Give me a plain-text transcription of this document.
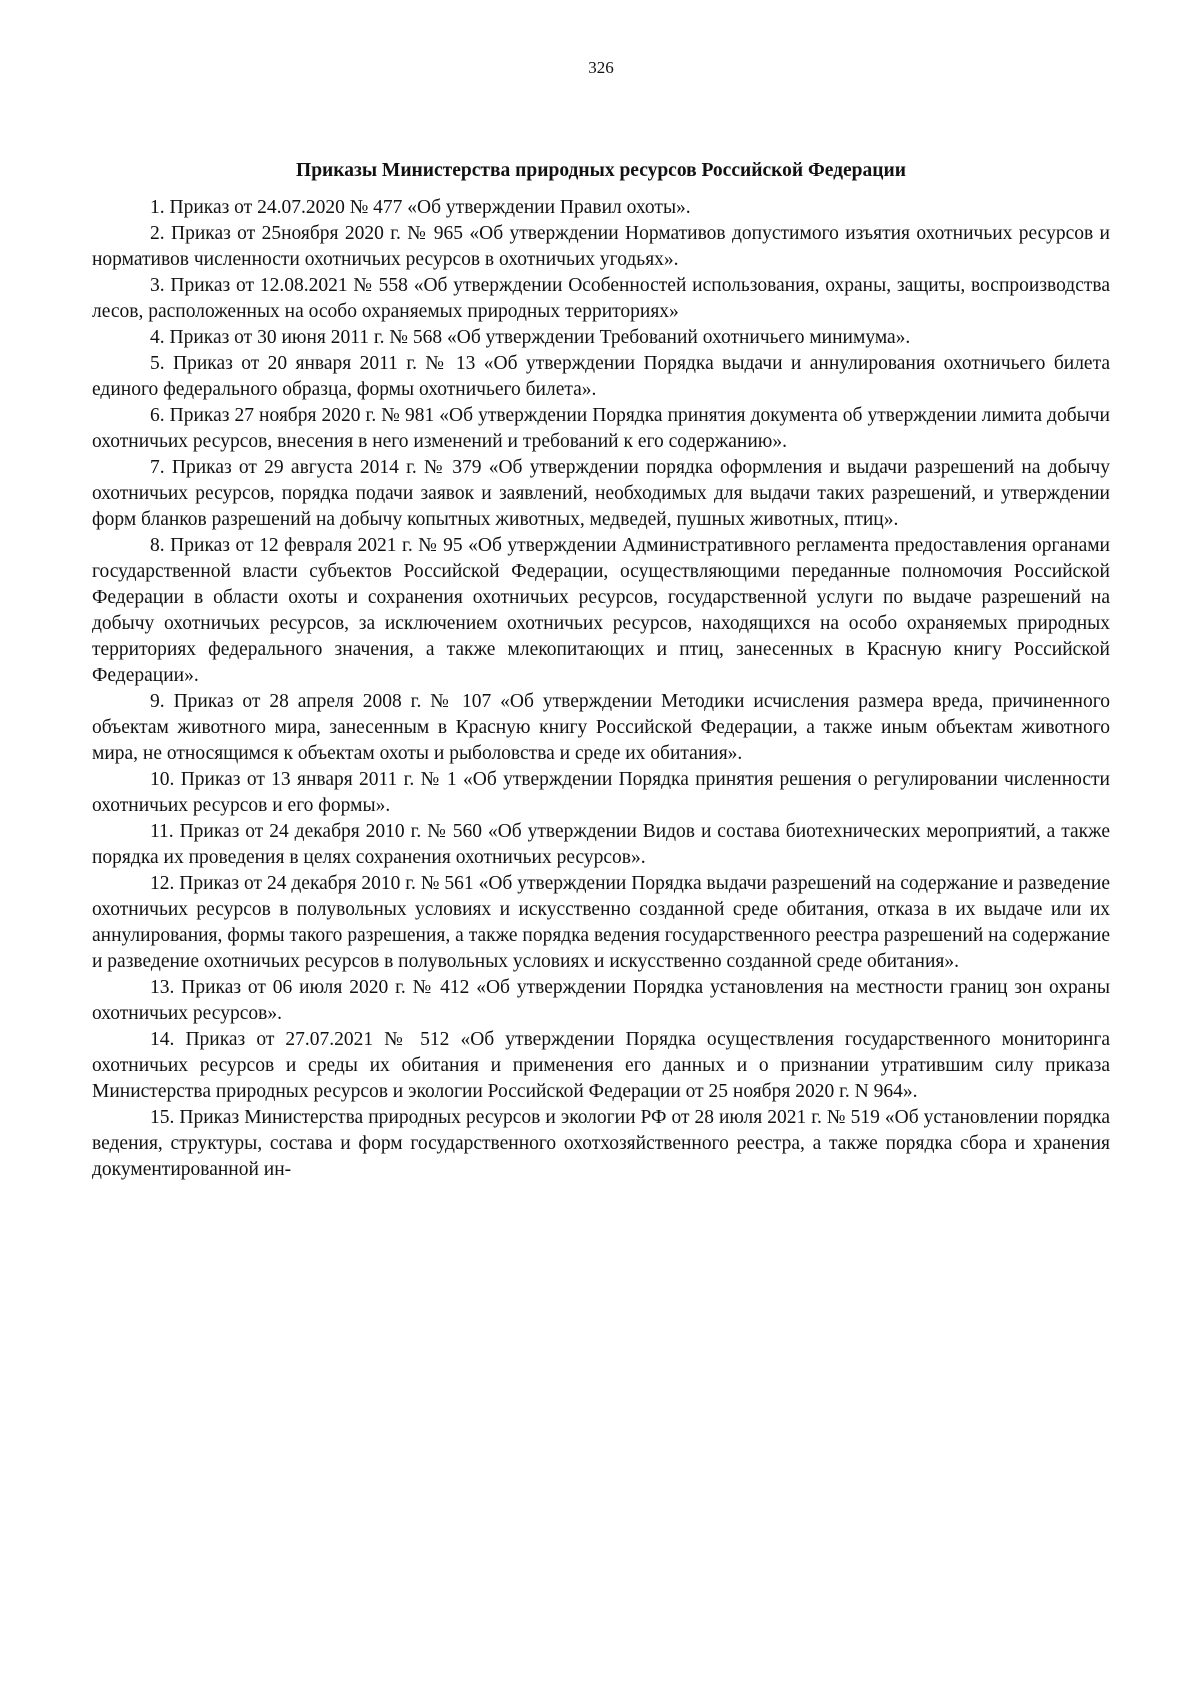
326
Приказы Министерства природных ресурсов Российской Федерации

1. Приказ от 24.07.2020 № 477 «Об утверждении Правил охоты».

2. Приказ от 25ноября 2020 г. № 965 «Об утверждении Нормативов допустимого изъятия охотничьих ресурсов и нормативов численности охотничьих ресурсов в охотничьих угодьях».

3. Приказ от 12.08.2021 № 558 «Об утверждении Особенностей использования, охраны, защиты, воспроизводства лесов, расположенных на особо охраняемых природных территориях»

4. Приказ от 30 июня 2011 г. № 568 «Об утверждении Требований охотничьего минимума».

5. Приказ от 20 января 2011 г. № 13 «Об утверждении Порядка выдачи и аннулирования охотничьего билета единого федерального образца, формы охотничьего билета».

6. Приказ 27 ноября 2020 г. № 981 «Об утверждении Порядка принятия документа об утверждении лимита добычи охотничьих ресурсов, внесения в него изменений и требований к его содержанию».

7. Приказ от 29 августа 2014 г. № 379 «Об утверждении порядка оформления и выдачи разрешений на добычу охотничьих ресурсов, порядка подачи заявок и заявлений, необходимых для выдачи таких разрешений, и утверждении форм бланков разрешений на добычу копытных животных, медведей, пушных животных, птиц».

8. Приказ от 12 февраля 2021 г. № 95 «Об утверждении Административного регламента предоставления органами государственной власти субъектов Российской Федерации, осуществляющими переданные полномочия Российской Федерации в области охоты и сохранения охотничьих ресурсов, государственной услуги по выдаче разрешений на добычу охотничьих ресурсов, за исключением охотничьих ресурсов, находящихся на особо охраняемых природных территориях федерального значения, а также млекопитающих и птиц, занесенных в Красную книгу Российской Федерации».

9. Приказ от 28 апреля 2008 г. № 107 «Об утверждении Методики исчисления размера вреда, причиненного объектам животного мира, занесенным в Красную книгу Российской Федерации, а также иным объектам животного мира, не относящимся к объектам охоты и рыболовства и среде их обитания».

10. Приказ от 13 января 2011 г. № 1 «Об утверждении Порядка принятия решения о регулировании численности охотничьих ресурсов и его формы».

11. Приказ от 24 декабря 2010 г. № 560 «Об утверждении Видов и состава биотехнических мероприятий, а также порядка их проведения в целях сохранения охотничьих ресурсов».

12. Приказ от 24 декабря 2010 г. № 561 «Об утверждении Порядка выдачи разрешений на содержание и разведение охотничьих ресурсов в полувольных условиях и искусственно созданной среде обитания, отказа в их выдаче или их аннулирования, формы такого разрешения, а также порядка ведения государственного реестра разрешений на содержание и разведение охотничьих ресурсов в полувольных условиях и искусственно созданной среде обитания».

13. Приказ от 06 июля 2020 г. № 412 «Об утверждении Порядка установления на местности границ зон охраны охотничьих ресурсов».

14. Приказ от 27.07.2021 № 512 «Об утверждении Порядка осуществления государственного мониторинга охотничьих ресурсов и среды их обитания и применения его данных и о признании утратившим силу приказа Министерства природных ресурсов и экологии Российской Федерации от 25 ноября 2020 г. N 964».

15. Приказ Министерства природных ресурсов и экологии РФ от 28 июля 2021 г. № 519 «Об установлении порядка ведения, структуры, состава и форм государственного охотхозяйственного реестра, а также порядка сбора и хранения документированной ин-
